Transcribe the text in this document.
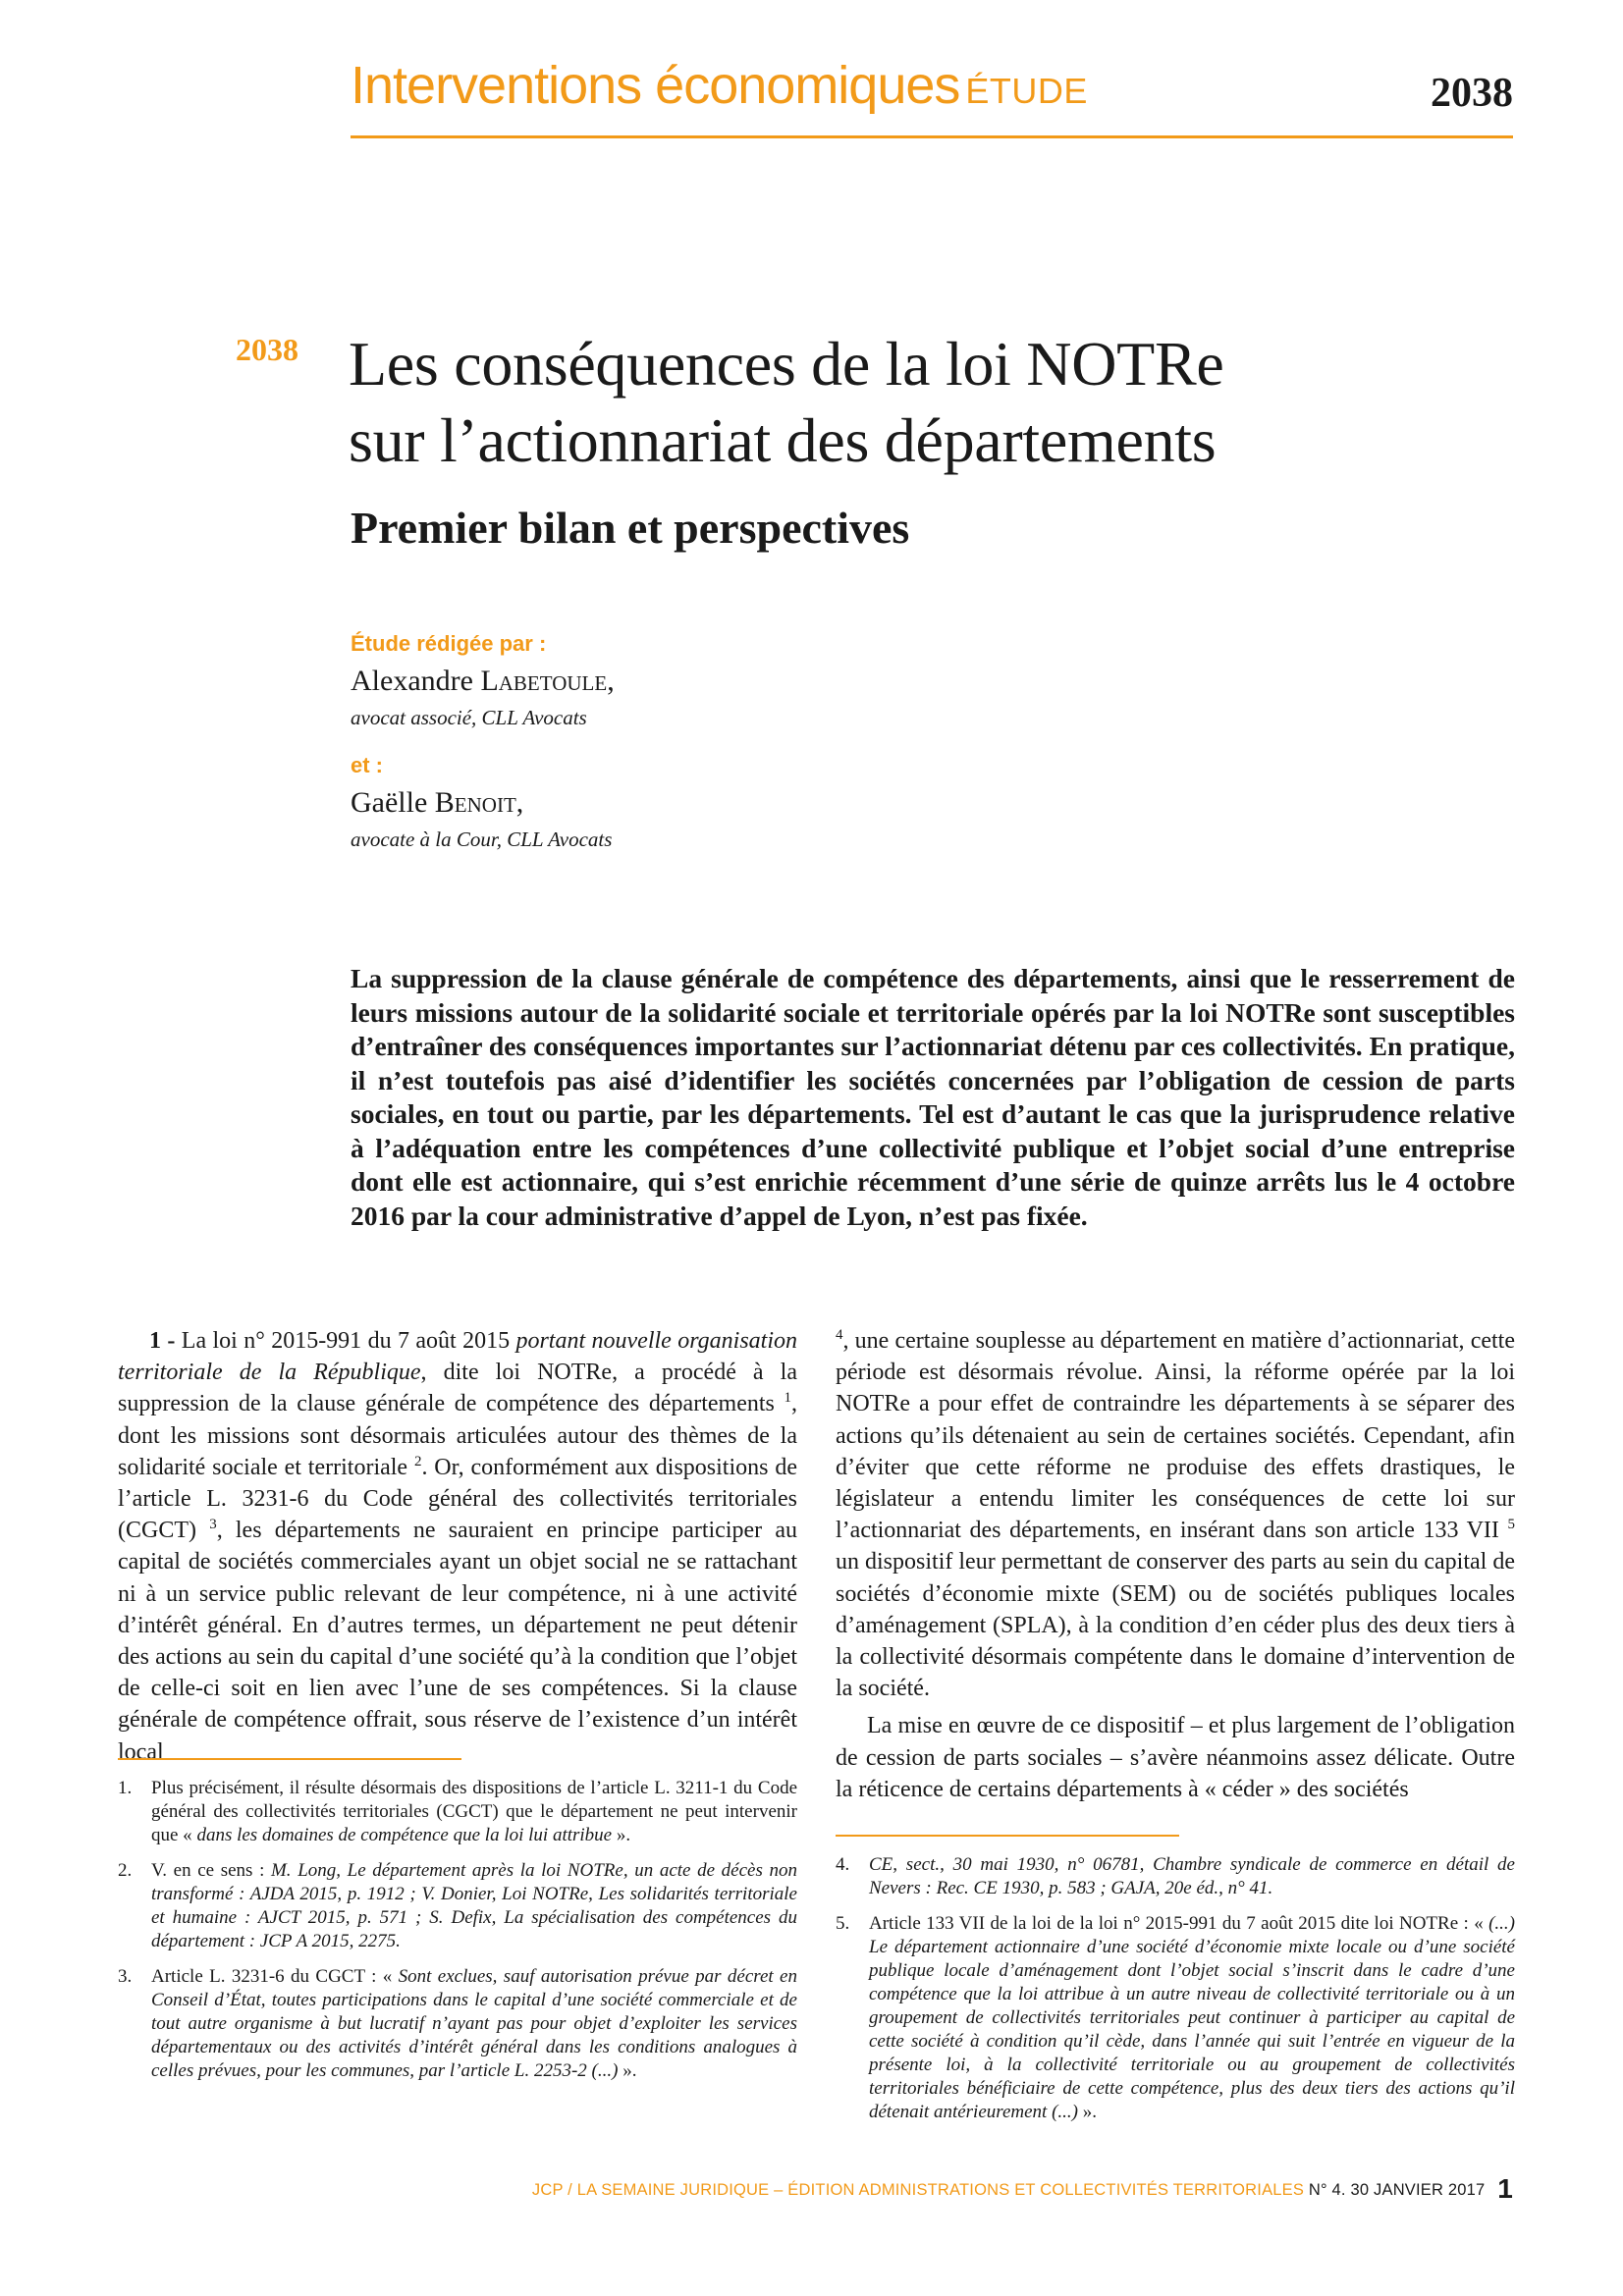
Interventions économiques ÉTUDE	2038
2038 Les conséquences de la loi NOTRe
sur l’actionnariat des départements
Premier bilan et perspectives
Étude rédigée par :
Alexandre Labetoule,
avocat associé, CLL Avocats
et :
Gaëlle Benoit,
avocate à la Cour, CLL Avocats

La suppression de la clause générale de compétence des départements, ainsi que le resserrement de leurs missions autour de la solidarité sociale et territoriale opérés par la loi NOTRe sont susceptibles d’entraîner des conséquences importantes sur l’actionnariat détenu par ces collectivités. En pratique, il n’est toutefois pas aisé d’identifier les sociétés concernées par l’obligation de cession de parts sociales, en tout ou partie, par les départements. Tel est d’autant le cas que la jurisprudence relative à l’adéquation entre les compétences d’une collectivité publique et l’objet social d’une entreprise dont elle est actionnaire, qui s’est enrichie récemment d’une série de quinze arrêts lus le 4 octobre 2016 par la cour administrative d’appel de Lyon, n’est pas fixée.

1 - La loi n° 2015-991 du 7 août 2015 portant nouvelle organisation territoriale de la République, dite loi NOTRe, a procédé à la suppression de la clause générale de compétence des départements $^1$, dont les missions sont désormais articulées autour des thèmes de la solidarité sociale et territoriale $^2$. Or, conformément aux dispositions de l’article L. 3231-6 du Code général des collectivités territoriales (CGCT) $^3$, les départements ne sauraient en principe participer au capital de sociétés commerciales ayant un objet social ne se rattachant ni à un service public relevant de leur compétence, ni à une activité d’intérêt général. En d’autres termes, un département ne peut détenir des actions au sein du capital d’une société qu’à la condition que l’objet de celle-ci soit en lien avec l’une de ses compétences. Si la clause générale de compétence offrait, sous réserve de l’existence d’un intérêt local

$^4$, une certaine souplesse au département en matière d’actionnariat, cette période est désormais révolue. Ainsi, la réforme opérée par la loi NOTRe a pour effet de contraindre les départements à se séparer des actions qu’ils détenaient au sein de certaines sociétés. Cependant, afin d’éviter que cette réforme ne produise des effets drastiques, le législateur a entendu limiter les conséquences de cette loi sur l’actionnariat des départements, en insérant dans son article 133 VII $^5$ un dispositif leur permettant de conserver des parts au sein du capital de sociétés d’économie mixte (SEM) ou de sociétés publiques locales d’aménagement (SPLA), à la condition d’en céder plus des deux tiers à la collectivité désormais compétente dans le domaine d’intervention de la société.

La mise en œuvre de ce dispositif – et plus largement de l’obligation de cession de parts sociales – s’avère néanmoins assez délicate. Outre la réticence de certains départements à « céder » des sociétés

1.	Plus précisément, il résulte désormais des dispositions de l’article L. 3211-1 du Code général des collectivités territoriales (CGCT) que le département ne peut intervenir que « dans les domaines de compétence que la loi lui attribue ».
2.	V. en ce sens : M. Long, Le département après la loi NOTRe, un acte de décès non transformé : AJDA 2015, p. 1912 ; V. Donier, Loi NOTRe, Les solidarités territoriale et humaine : AJCT 2015, p. 571 ; S. Defix, La spécialisation des compétences du département : JCP A 2015, 2275.
3.	Article L. 3231-6 du CGCT : « Sont exclues, sauf autorisation prévue par décret en Conseil d’État, toutes participations dans le capital d’une société commerciale et de tout autre organisme à but lucratif n’ayant pas pour objet d’exploiter les services départementaux ou des activités d’intérêt général dans les conditions analogues à celles prévues, pour les communes, par l’article L. 2253-2 (...) ».
4.	CE, sect., 30 mai 1930, n° 06781, Chambre syndicale de commerce en détail de Nevers : Rec. CE 1930, p. 583 ; GAJA, 20e éd., n° 41.
5.	Article 133 VII de la loi de la loi n° 2015-991 du 7 août 2015 dite loi NOTRe : « (...) Le département actionnaire d’une société d’économie mixte locale ou d’une société publique locale d’aménagement dont l’objet social s’inscrit dans le cadre d’une compétence que la loi attribue à un autre niveau de collectivité territoriale ou à un groupement de collectivités territoriales peut continuer à participer au capital de cette société à condition qu’il cède, dans l’année qui suit l’entrée en vigueur de la présente loi, à la collectivité territoriale ou au groupement de collectivités territoriales bénéficiaire de cette compétence, plus des deux tiers des actions qu’il détenait antérieurement (...) ».
JCP / LA SEMAINE JURIDIQUE – ÉDITION ADMINISTRATIONS ET COLLECTIVITÉS TERRITORIALES N° 4. 30 JANVIER 2017 1
